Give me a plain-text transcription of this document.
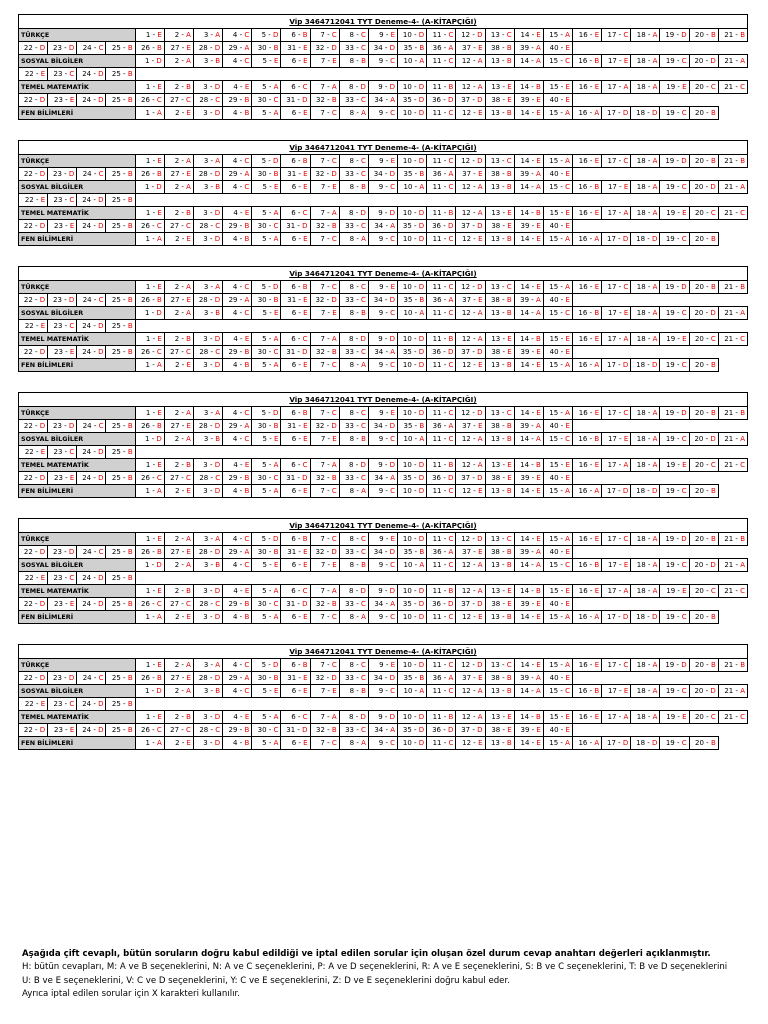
Vip 3464712041 TYT Deneme-4- (A-KİTAPÇIĞI)
TÜRKÇE				1 - E	2 - A	3 - A	4 - C	5 - D	6 - B	7 - C	8 - C	9 - E	10 - D	11 - C	12 - D	13 - C	14 - E	15 - A	16 - E	17 - C	18 - A	19 - D	20 - B	21 - B
22 - D	23 - D	24 - C	25 - B	26 - B	27 - E	28 - D	29 - A	30 - B	31 - E	32 - D	33 - C	34 - D	35 - B	36 - A	37 - E	38 - B	39 - A	40 - E						
SOSYAL BİLGİLER				1 - D	2 - A	3 - B	4 - C	5 - E	6 - E	7 - E	8 - B	9 - C	10 - A	11 - C	12 - A	13 - B	14 - A	15 - C	16 - B	17 - E	18 - A	19 - C	20 - D	21 - A
22 - E	23 - C	24 - D	25 - B																					
TEMEL MATEMATİK				1 - E	2 - B	3 - D	4 - E	5 - A	6 - C	7 - A	8 - D	9 - D	10 - D	11 - B	12 - A	13 - E	14 - B	15 - E	16 - E	17 - A	18 - A	19 - E	20 - C	21 - C
22 - D	23 - E	24 - D	25 - B	26 - C	27 - C	28 - C	29 - B	30 - C	31 - D	32 - B	33 - C	34 - A	35 - D	36 - D	37 - D	38 - E	39 - E	40 - E						
FEN BİLİMLERİ				1 - A	2 - E	3 - D	4 - B	5 - A	6 - E	7 - C	8 - A	9 - C	10 - D	11 - C	12 - E	13 - B	14 - E	15 - A	16 - A	17 - D	18 - D	19 - C	20 - B	
Vip 3464712041 TYT Deneme-4- (A-KİTAPÇIĞI)
TÜRKÇE				1 - E	2 - A	3 - A	4 - C	5 - D	6 - B	7 - C	8 - C	9 - E	10 - D	11 - C	12 - D	13 - C	14 - E	15 - A	16 - E	17 - C	18 - A	19 - D	20 - B	21 - B
22 - D	23 - D	24 - C	25 - B	26 - B	27 - E	28 - D	29 - A	30 - B	31 - E	32 - D	33 - C	34 - D	35 - B	36 - A	37 - E	38 - B	39 - A	40 - E						
SOSYAL BİLGİLER				1 - D	2 - A	3 - B	4 - C	5 - E	6 - E	7 - E	8 - B	9 - C	10 - A	11 - C	12 - A	13 - B	14 - A	15 - C	16 - B	17 - E	18 - A	19 - C	20 - D	21 - A
22 - E	23 - C	24 - D	25 - B																					
TEMEL MATEMATİK				1 - E	2 - B	3 - D	4 - E	5 - A	6 - C	7 - A	8 - D	9 - D	10 - D	11 - B	12 - A	13 - E	14 - B	15 - E	16 - E	17 - A	18 - A	19 - E	20 - C	21 - C
22 - D	23 - E	24 - D	25 - B	26 - C	27 - C	28 - C	29 - B	30 - C	31 - D	32 - B	33 - C	34 - A	35 - D	36 - D	37 - D	38 - E	39 - E	40 - E						
FEN BİLİMLERİ				1 - A	2 - E	3 - D	4 - B	5 - A	6 - E	7 - C	8 - A	9 - C	10 - D	11 - C	12 - E	13 - B	14 - E	15 - A	16 - A	17 - D	18 - D	19 - C	20 - B	
Vip 3464712041 TYT Deneme-4- (A-KİTAPÇIĞI)
TÜRKÇE				1 - E	2 - A	3 - A	4 - C	5 - D	6 - B	7 - C	8 - C	9 - E	10 - D	11 - C	12 - D	13 - C	14 - E	15 - A	16 - E	17 - C	18 - A	19 - D	20 - B	21 - B
22 - D	23 - D	24 - C	25 - B	26 - B	27 - E	28 - D	29 - A	30 - B	31 - E	32 - D	33 - C	34 - D	35 - B	36 - A	37 - E	38 - B	39 - A	40 - E						
SOSYAL BİLGİLER				1 - D	2 - A	3 - B	4 - C	5 - E	6 - E	7 - E	8 - B	9 - C	10 - A	11 - C	12 - A	13 - B	14 - A	15 - C	16 - B	17 - E	18 - A	19 - C	20 - D	21 - A
22 - E	23 - C	24 - D	25 - B																					
TEMEL MATEMATİK				1 - E	2 - B	3 - D	4 - E	5 - A	6 - C	7 - A	8 - D	9 - D	10 - D	11 - B	12 - A	13 - E	14 - B	15 - E	16 - E	17 - A	18 - A	19 - E	20 - C	21 - C
22 - D	23 - E	24 - D	25 - B	26 - C	27 - C	28 - C	29 - B	30 - C	31 - D	32 - B	33 - C	34 - A	35 - D	36 - D	37 - D	38 - E	39 - E	40 - E						
FEN BİLİMLERİ				1 - A	2 - E	3 - D	4 - B	5 - A	6 - E	7 - C	8 - A	9 - C	10 - D	11 - C	12 - E	13 - B	14 - E	15 - A	16 - A	17 - D	18 - D	19 - C	20 - B	
Vip 3464712041 TYT Deneme-4- (A-KİTAPÇIĞI)
TÜRKÇE				1 - E	2 - A	3 - A	4 - C	5 - D	6 - B	7 - C	8 - C	9 - E	10 - D	11 - C	12 - D	13 - C	14 - E	15 - A	16 - E	17 - C	18 - A	19 - D	20 - B	21 - B
22 - D	23 - D	24 - C	25 - B	26 - B	27 - E	28 - D	29 - A	30 - B	31 - E	32 - D	33 - C	34 - D	35 - B	36 - A	37 - E	38 - B	39 - A	40 - E						
SOSYAL BİLGİLER				1 - D	2 - A	3 - B	4 - C	5 - E	6 - E	7 - E	8 - B	9 - C	10 - A	11 - C	12 - A	13 - B	14 - A	15 - C	16 - B	17 - E	18 - A	19 - C	20 - D	21 - A
22 - E	23 - C	24 - D	25 - B																					
TEMEL MATEMATİK				1 - E	2 - B	3 - D	4 - E	5 - A	6 - C	7 - A	8 - D	9 - D	10 - D	11 - B	12 - A	13 - E	14 - B	15 - E	16 - E	17 - A	18 - A	19 - E	20 - C	21 - C
22 - D	23 - E	24 - D	25 - B	26 - C	27 - C	28 - C	29 - B	30 - C	31 - D	32 - B	33 - C	34 - A	35 - D	36 - D	37 - D	38 - E	39 - E	40 - E						
FEN BİLİMLERİ				1 - A	2 - E	3 - D	4 - B	5 - A	6 - E	7 - C	8 - A	9 - C	10 - D	11 - C	12 - E	13 - B	14 - E	15 - A	16 - A	17 - D	18 - D	19 - C	20 - B	
Vip 3464712041 TYT Deneme-4- (A-KİTAPÇIĞI)
TÜRKÇE				1 - E	2 - A	3 - A	4 - C	5 - D	6 - B	7 - C	8 - C	9 - E	10 - D	11 - C	12 - D	13 - C	14 - E	15 - A	16 - E	17 - C	18 - A	19 - D	20 - B	21 - B
22 - D	23 - D	24 - C	25 - B	26 - B	27 - E	28 - D	29 - A	30 - B	31 - E	32 - D	33 - C	34 - D	35 - B	36 - A	37 - E	38 - B	39 - A	40 - E						
SOSYAL BİLGİLER				1 - D	2 - A	3 - B	4 - C	5 - E	6 - E	7 - E	8 - B	9 - C	10 - A	11 - C	12 - A	13 - B	14 - A	15 - C	16 - B	17 - E	18 - A	19 - C	20 - D	21 - A
22 - E	23 - C	24 - D	25 - B																					
TEMEL MATEMATİK				1 - E	2 - B	3 - D	4 - E	5 - A	6 - C	7 - A	8 - D	9 - D	10 - D	11 - B	12 - A	13 - E	14 - B	15 - E	16 - E	17 - A	18 - A	19 - E	20 - C	21 - C
22 - D	23 - E	24 - D	25 - B	26 - C	27 - C	28 - C	29 - B	30 - C	31 - D	32 - B	33 - C	34 - A	35 - D	36 - D	37 - D	38 - E	39 - E	40 - E						
FEN BİLİMLERİ				1 - A	2 - E	3 - D	4 - B	5 - A	6 - E	7 - C	8 - A	9 - C	10 - D	11 - C	12 - E	13 - B	14 - E	15 - A	16 - A	17 - D	18 - D	19 - C	20 - B	
Vip 3464712041 TYT Deneme-4- (A-KİTAPÇIĞI)
TÜRKÇE				1 - E	2 - A	3 - A	4 - C	5 - D	6 - B	7 - C	8 - C	9 - E	10 - D	11 - C	12 - D	13 - C	14 - E	15 - A	16 - E	17 - C	18 - A	19 - D	20 - B	21 - B
22 - D	23 - D	24 - C	25 - B	26 - B	27 - E	28 - D	29 - A	30 - B	31 - E	32 - D	33 - C	34 - D	35 - B	36 - A	37 - E	38 - B	39 - A	40 - E						
SOSYAL BİLGİLER				1 - D	2 - A	3 - B	4 - C	5 - E	6 - E	7 - E	8 - B	9 - C	10 - A	11 - C	12 - A	13 - B	14 - A	15 - C	16 - B	17 - E	18 - A	19 - C	20 - D	21 - A
22 - E	23 - C	24 - D	25 - B																					
TEMEL MATEMATİK				1 - E	2 - B	3 - D	4 - E	5 - A	6 - C	7 - A	8 - D	9 - D	10 - D	11 - B	12 - A	13 - E	14 - B	15 - E	16 - E	17 - A	18 - A	19 - E	20 - C	21 - C
22 - D	23 - E	24 - D	25 - B	26 - C	27 - C	28 - C	29 - B	30 - C	31 - D	32 - B	33 - C	34 - A	35 - D	36 - D	37 - D	38 - E	39 - E	40 - E						
FEN BİLİMLERİ				1 - A	2 - E	3 - D	4 - B	5 - A	6 - E	7 - C	8 - A	9 - C	10 - D	11 - C	12 - E	13 - B	14 - E	15 - A	16 - A	17 - D	18 - D	19 - C	20 - B	
Aşağıda çift cevaplı, bütün soruların doğru kabul edildiği ve iptal edilen sorular için oluşan özel durum cevap anahtarı değerleri açıklanmıştır.
H: bütün cevapları, M: A ve B seçeneklerini, N: A ve C seçeneklerini, P: A ve D seçeneklerini, R: A ve E seçeneklerini, S: B ve C seçeneklerini, T: B ve D seçeneklerini
U: B ve E seçeneklerini, V: C ve D seçeneklerini, Y: C ve E seçeneklerini, Z: D ve E seçeneklerini doğru kabul eder.
Ayrıca iptal edilen sorular için X karakteri kullanılır.
